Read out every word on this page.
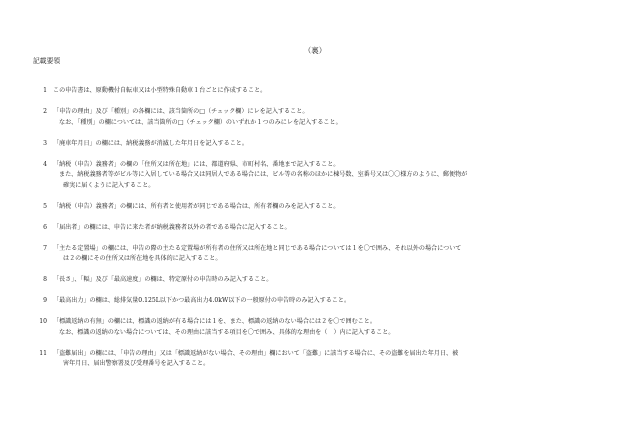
（裏）
記載要領
1 この申告書は、原動機付自転車又は小型特殊自動車１台ごとに作成すること。
2 「申告の理由」及び「種別」の各欄には、該当箇所の□（チェック欄）にレを記入すること。
なお、「種別」の欄については、該当箇所の□（チェック欄）のいずれか１つのみにレを記入すること。
3 「廃車年月日」の欄には、納税義務が消滅した年月日を記入すること。
4 「納税（申告）義務者」の欄の「住所又は所在地」には、都道府県、市町村名、番地まで記入すること。
また、納税義務者等がビル等に入居している場合又は同居人である場合には、ビル等の名称のほかに棟号数、室番号又は〇〇様方のように、郵便物が
確実に届くように記入すること。
5 「納税（申告）義務者」の欄には、所有者と使用者が同じである場合は、所有者欄のみを記入すること。
6 「届出者」の欄には、申告に来た者が納税義務者以外の者である場合に記入すること。
7 「主たる定置場」の欄には、申告の際の主たる定置場が所有者の住所又は所在地と同じである場合については１を〇で囲み、それ以外の場合について
は２の欄にその住所又は所在地を具体的に記入すること。
8 「長さ」、「幅」及び「最高速度」の欄は、特定原付の申告時のみ記入すること。
9 「最高出力」の欄は、総排気量0.125L以下かつ最高出力4.0kW以下の一般原付の申告時のみ記入すること。
10 「標識返納の有無」の欄には、標識の返納が有る場合には１を、また、標識の返納のない場合には２を〇で囲むこと。
なお、標識の返納のない場合については、その理由に該当する項目を〇で囲み、具体的な理由を（　）内に記入すること。
11 「盗難届出」の欄には、「申告の理由」又は「標識返納がない場合、その理由」欄において「盗難」に該当する場合に、その盗難を届出た年月日、被
害年月日、届出警察署及び受理番号を記入すること。
